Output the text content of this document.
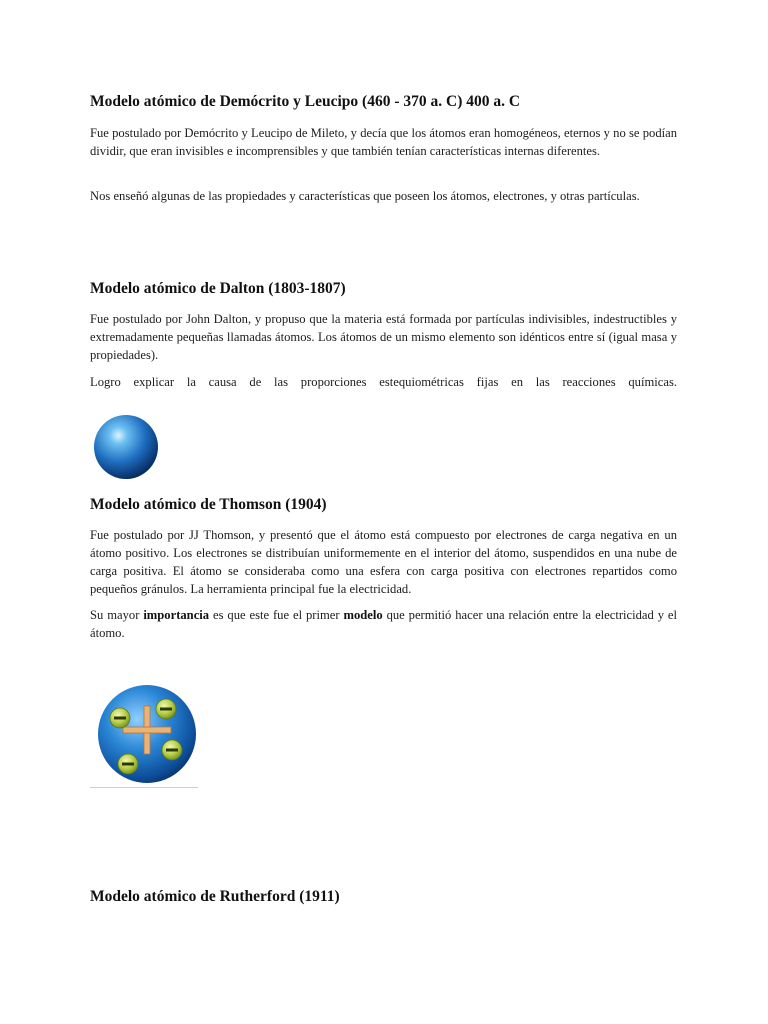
Modelo atómico de Demócrito y Leucipo (460 - 370 a. C) 400 a. C

Fue postulado por Demócrito y Leucipo de Mileto, y decía que los átomos eran homogéneos, eternos y no se podían dividir, que eran invisibles e incomprensibles y que también tenían características internas diferentes.

Nos enseñó algunas de las propiedades y características que poseen los átomos, electrones, y otras partículas.

Modelo atómico de Dalton (1803-1807)

Fue postulado por John Dalton, y propuso que la materia está formada por partículas indivisibles, indestructibles y extremadamente pequeñas llamadas átomos. Los átomos de un mismo elemento son idénticos entre sí (igual masa y propiedades).

Logro explicar la causa de las proporciones estequiométricas fijas en las reacciones químicas.

Modelo atómico de Thomson (1904)

Fue postulado por JJ Thomson, y presentó que el átomo está compuesto por electrones de carga negativa en un átomo positivo. Los electrones se distribuían uniformemente en el interior del átomo, suspendidos en una nube de carga positiva. El átomo se consideraba como una esfera con carga positiva con electrones repartidos como pequeños gránulos. La herramienta principal fue la electricidad.

Su mayor importancia es que este fue el primer modelo que permitió hacer una relación entre la electricidad y el átomo.

Modelo atómico de Rutherford (1911)
